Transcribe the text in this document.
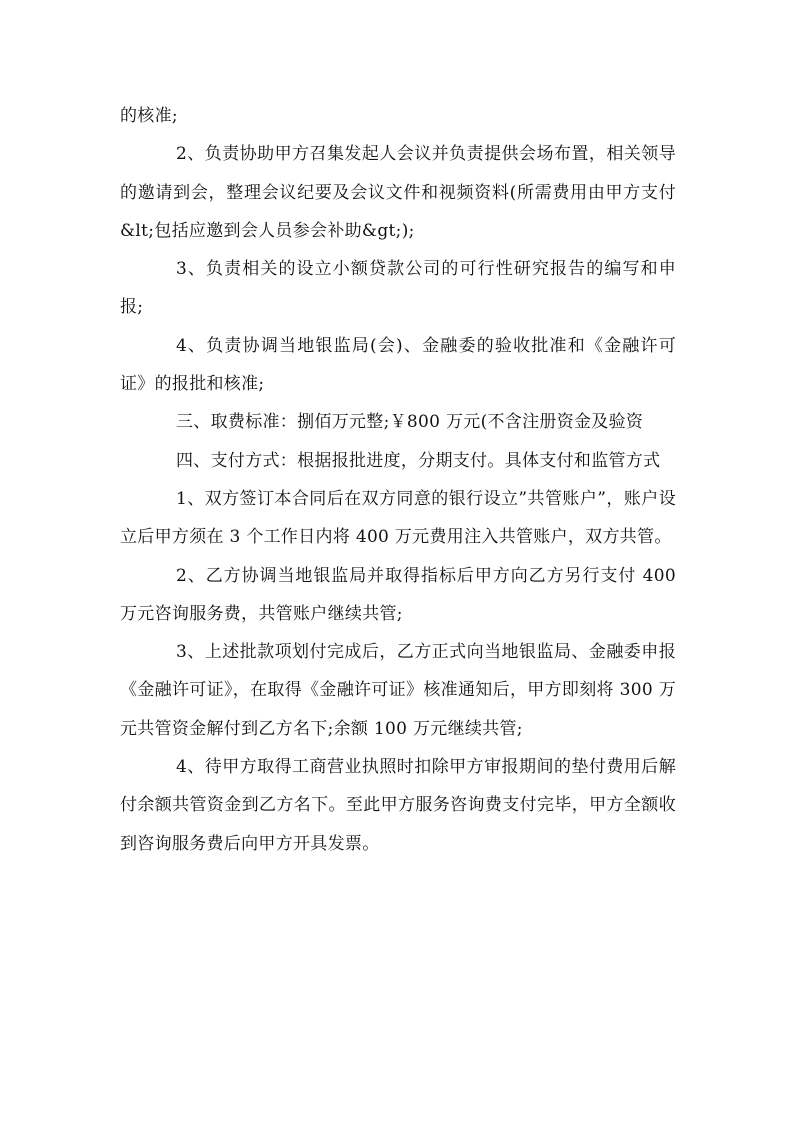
的核准;

2、负责协助甲方召集发起人会议并负责提供会场布置，相关领导的邀请到会，整理会议纪要及会议文件和视频资料(所需费用由甲方支付&lt;包括应邀到会人员参会补助&gt;);

3、负责相关的设立小额贷款公司的可行性研究报告的编写和申报;

4、负责协调当地银监局(会)、金融委的验收批准和《金融许可证》的报批和核准;

三、取费标准：捌佰万元整;￥800 万元(不含注册资金及验资

四、支付方式：根据报批进度，分期支付。具体支付和监管方式

1、双方签订本合同后在双方同意的银行设立”共管账户”，账户设立后甲方须在 3 个工作日内将 400 万元费用注入共管账户，双方共管。

2、乙方协调当地银监局并取得指标后甲方向乙方另行支付 400 万元咨询服务费，共管账户继续共管;

3、上述批款项划付完成后，乙方正式向当地银监局、金融委申报《金融许可证》，在取得《金融许可证》核准通知后，甲方即刻将 300 万元共管资金解付到乙方名下;余额 100 万元继续共管;

4、待甲方取得工商营业执照时扣除甲方审报期间的垫付费用后解付余额共管资金到乙方名下。至此甲方服务咨询费支付完毕，甲方全额收到咨询服务费后向甲方开具发票。
